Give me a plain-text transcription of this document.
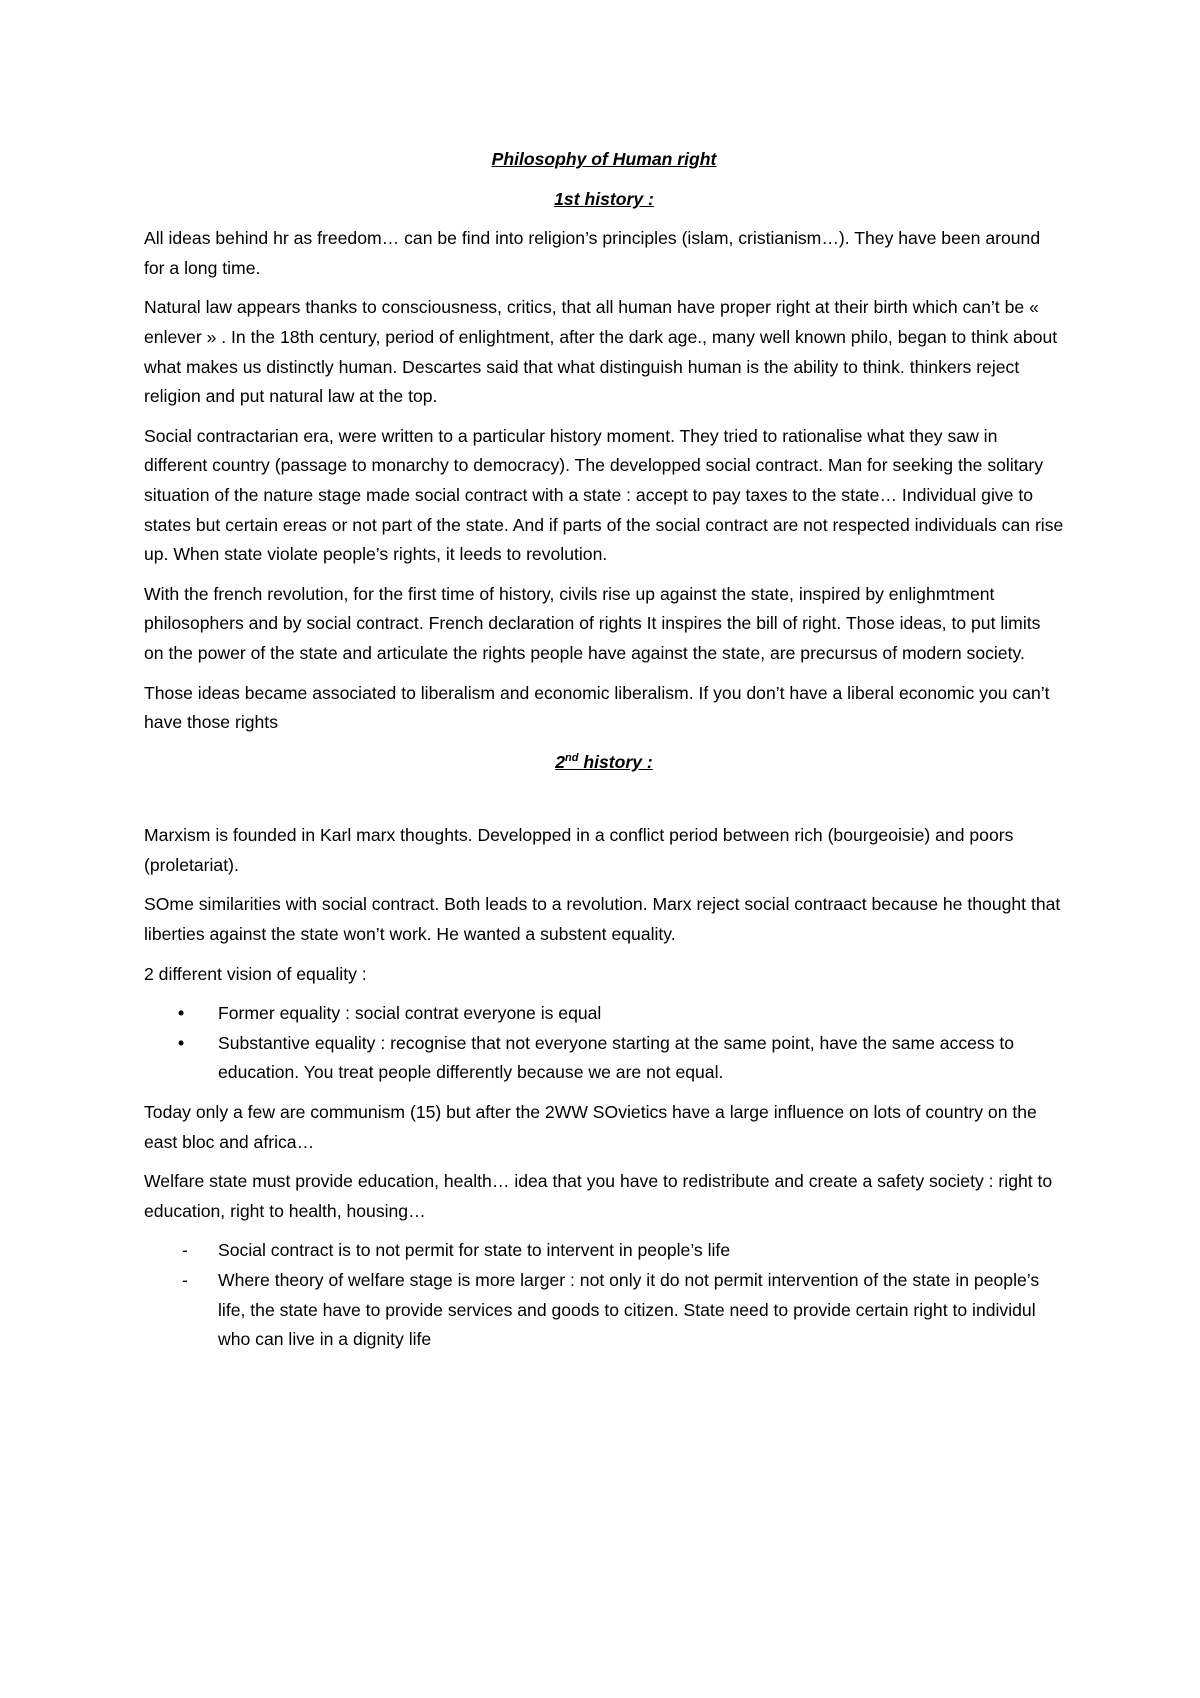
Philosophy of Human right
1st history :

All ideas behind hr as freedom… can be find into religion’s principles (islam, cristianism…). They have been around for a long time.

Natural law appears thanks to consciousness, critics, that all human have proper right at their birth which can’t be « enlever » . In the 18th century, period of enlightment, after the dark age., many well known philo, began to think about what makes us distinctly human. Descartes said that what distinguish human is the ability to think. thinkers reject religion and put natural law at the top.

Social contractarian era, were written to a particular history moment. They tried to rationalise what they saw in different country (passage to monarchy to democracy). The developped social contract. Man for seeking the solitary situation of the nature stage made social contract with a state : accept to pay taxes to the state… Individual give to states but certain ereas or not part of the state. And if parts of the social contract are not respected individuals can rise up. When state violate people’s rights, it leeds to revolution.

With the french revolution, for the first time of history, civils rise up against the state, inspired by enlighmtment philosophers and by social contract. French declaration of rights It inspires the bill of right. Those ideas, to put limits on the power of the state and articulate the rights people have against the state, are precursus of modern society.

Those ideas became associated to liberalism and economic liberalism. If you don’t have a liberal economic you can’t have those rights

2nd history :

Marxism is founded in Karl marx thoughts. Developped in a conflict period between rich (bourgeoisie) and poors (proletariat).

SOme similarities with social contract. Both leads to a revolution. Marx reject social contraact because he thought that liberties against the state won’t work. He wanted a substent equality.

2 different vision of equality :

• Former equality : social contrat everyone is equal
• Substantive equality : recognise that not everyone starting at the same point, have the same access to education. You treat people differently because we are not equal.

Today only a few are communism (15) but after the 2WW SOvietics have a large influence on lots of country on the east bloc and africa…

Welfare state must provide education, health… idea that you have to redistribute and create a safety society : right to education, right to health, housing…

- Social contract is to not permit for state to intervent in people’s life
- Where theory of welfare stage is more larger : not only it do not permit intervention of the state in people’s life, the state have to provide services and goods to citizen. State need to provide certain right to individul who can live in a dignity life
